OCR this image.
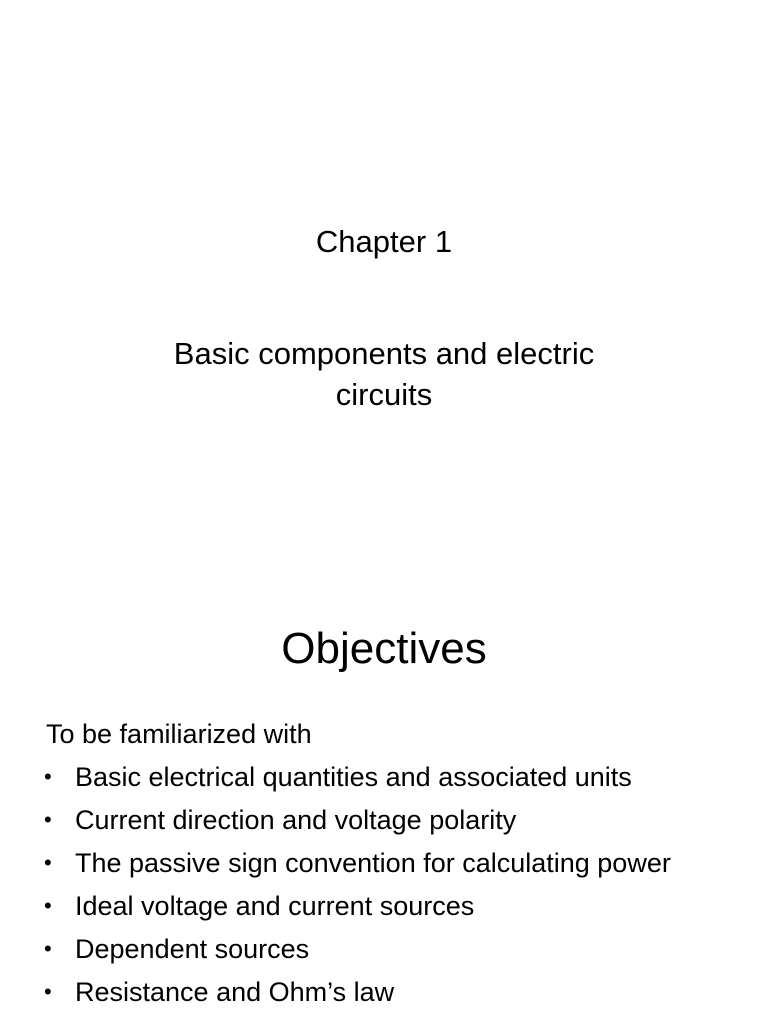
Chapter 1
Basic components and electric circuits
Objectives
To be familiarized with
• Basic electrical quantities and associated units
• Current direction and voltage polarity
• The passive sign convention for calculating power
• Ideal voltage and current sources
• Dependent sources
• Resistance and Ohm’s law
